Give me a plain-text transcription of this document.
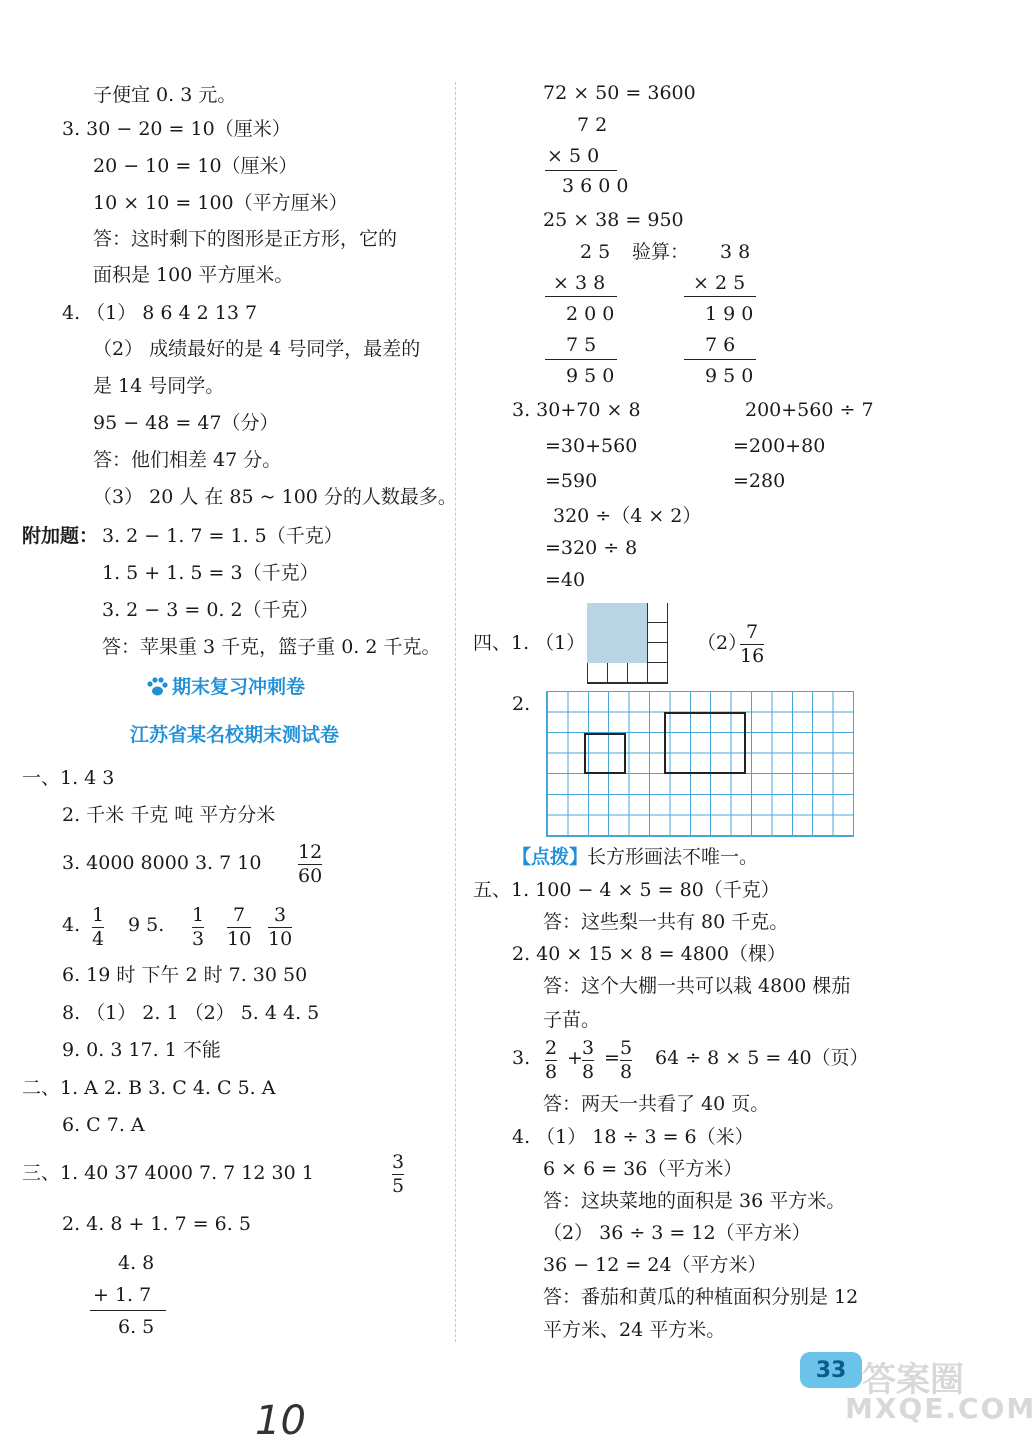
子便宜 0. 3 元。
3. 30 − 20 = 10（厘米）
20 − 10 = 10（厘米）
10 × 10 = 100（平方厘米）
答：这时剩下的图形是正方形，它的
面积是 100 平方厘米。
4. （1） 8 6 4 2 13 7
（2） 成绩最好的是 4 号同学，最差的
是 14 号同学。
95 − 48 = 47（分）
答：他们相差 47 分。
（3） 20 人 在 85 ~ 100 分的人数最多。
附加题： 3. 2 − 1. 7 = 1. 5（千克）
1. 5 + 1. 5 = 3（千克）
3. 2 − 3 = 0. 2（千克）
答：苹果重 3 千克，篮子重 0. 2 千克。
期末复习冲刺卷
江苏省某名校期末测试卷
一、1. 4 3
2. 千米 千克 吨 平方分米
3. 4000 8000 3. 7 10 12
60
4. 1
4
9 5. 1
3
7
10
3
10
6. 19 时 下午 2 时 7. 30 50
8. （1） 2. 1 （2） 5. 4 4. 5
9. 0. 3 17. 1 不能
二、1. A 2. B 3. C 4. C 5. A
6. C 7. A
三、1. 40 37 4000 7. 7 12 30 1	3
5
2. 4. 8 + 1. 7 = 6. 5
4. 8
+ 1. 7
6. 5
72 × 50 = 3600
7 2
× 5 0
3 6 0 0
25 × 38 = 950
2 5 验算： 3 8
× 3 8	× 2 5
2 0 0	1 9 0
7 5	7 6
9 5 0	9 5 0
3. 30+70 × 8	200+560 ÷ 7
=30+560	=200+80
=590	=280
320 ÷（4 × 2）
=320 ÷ 8
=40
四、1. （1）	（2）
7
16
2.
【点拨】
长方形画法不唯一。
五、1. 100 − 4 × 5 = 80（千克）
答：这些梨一共有 80 千克。
2. 40 × 15 × 8 = 4800（棵）
答：这个大棚一共可以栽 4800 棵茄
子苗。
3. 2
8
+ 3
8
= 5
8
64 ÷ 8 × 5 = 40（页）
答：两天一共看了 40 页。
4. （1） 18 ÷ 3 = 6（米）
6 × 6 = 36（平方米）
答：这块菜地的面积是 36 平方米。
（2） 36 ÷ 3 = 12（平方米）
36 − 12 = 24（平方米）
答：番茄和黄瓜的种植面积分别是 12
平方米、24 平方米。
33 答案圈
MXQE.COM
10
